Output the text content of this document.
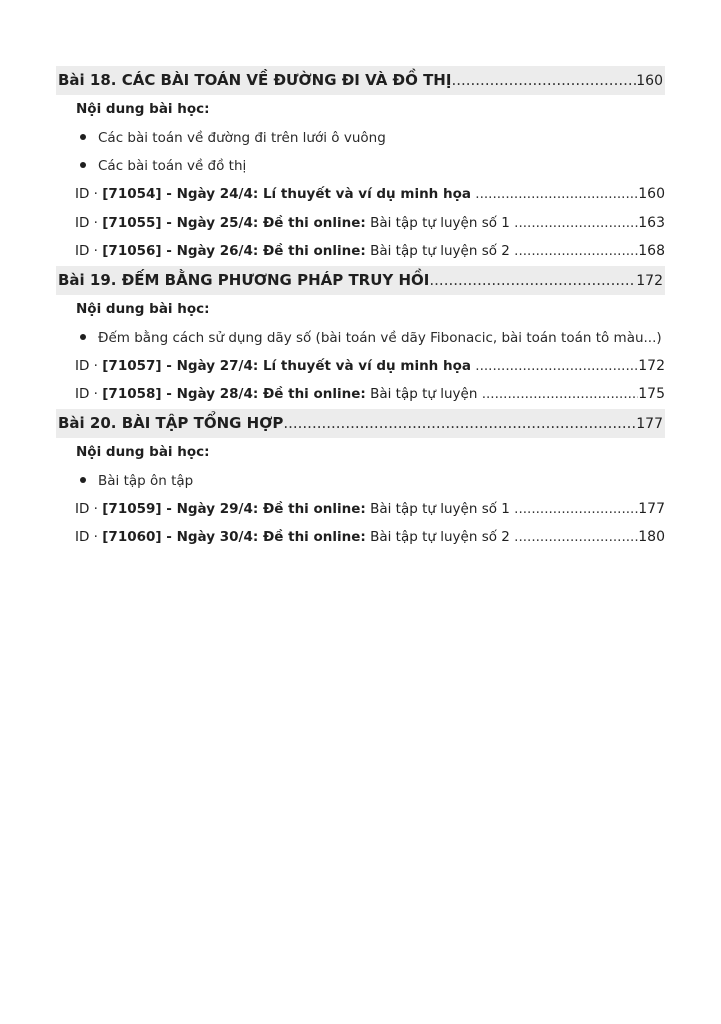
Bài 18. CÁC BÀI TOÁN VỀ ĐƯỜNG ĐI VÀ ĐỒ THỊ .....	160
Nội dung bài học:
Các bài toán về đường đi trên lưới ô vuông
Các bài toán về đồ thị
ID · [71054] - Ngày 24/4: Lí thuyết và ví dụ minh họa .....	160
ID · [71055] - Ngày 25/4: Đề thi online: Bài tập tự luyện số 1 .....	163
ID · [71056] - Ngày 26/4: Đề thi online: Bài tập tự luyện số 2 .....	168
Bài 19. ĐẾM BẰNG PHƯƠNG PHÁP TRUY HỒI .....	172
Nội dung bài học:
Đếm bằng cách sử dụng dãy số (bài toán về dãy Fibonacic, bài toán toán tô màu...)
ID · [71057] - Ngày 27/4: Lí thuyết và ví dụ minh họa .....	172
ID · [71058] - Ngày 28/4: Đề thi online: Bài tập tự luyện .....	175
Bài 20. BÀI TẬP TỔNG HỢP .....	177
Nội dung bài học:
Bài tập ôn tập
ID · [71059] - Ngày 29/4: Đề thi online: Bài tập tự luyện số 1 .....	177
ID · [71060] - Ngày 30/4: Đề thi online: Bài tập tự luyện số 2 .....	180
